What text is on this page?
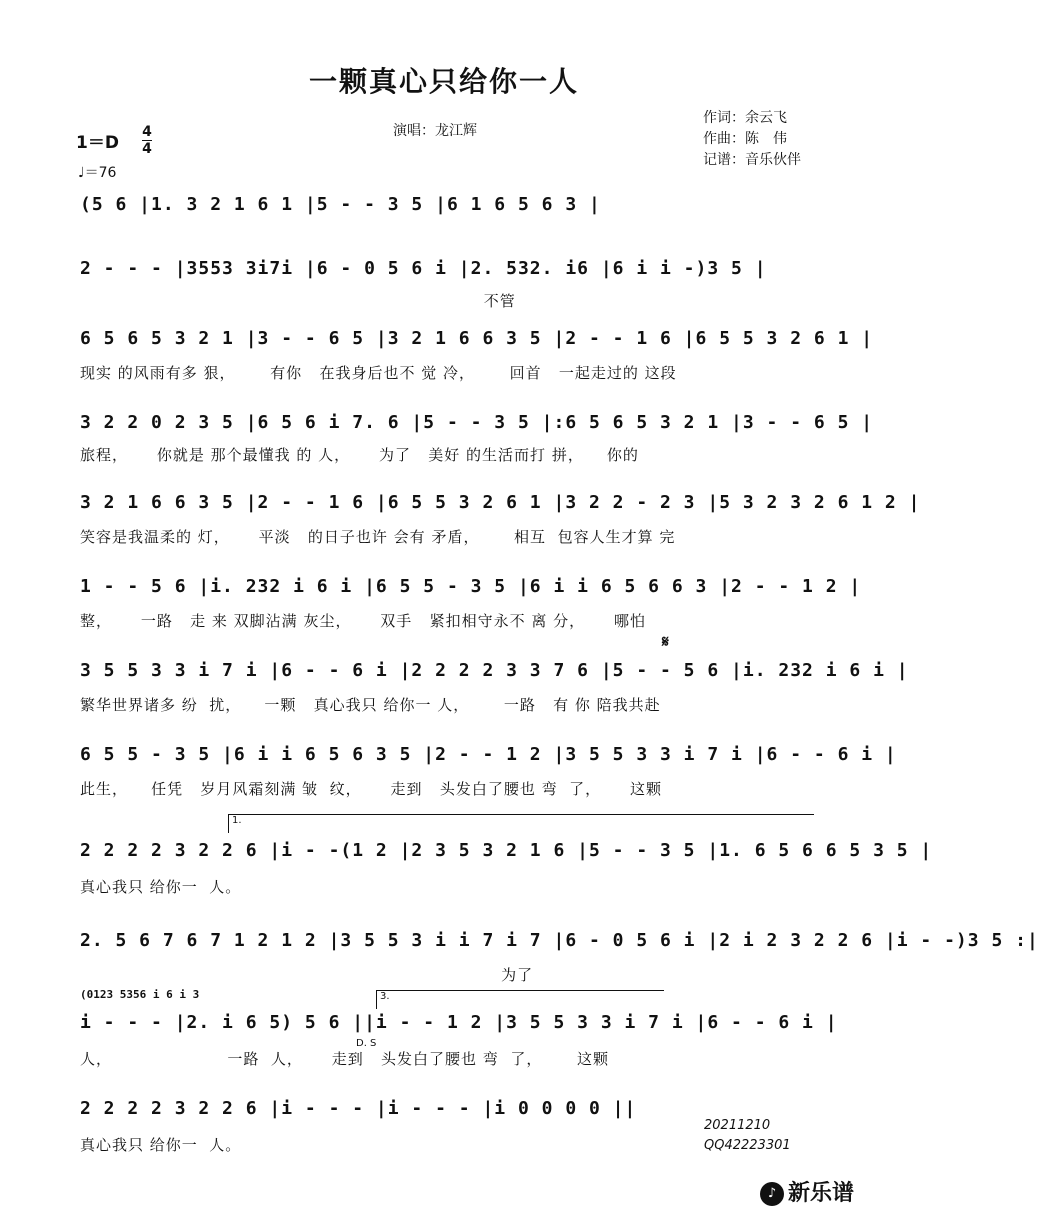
一颗真心只给你一人
1＝D
4
4
♩＝76
演唱：龙江辉
作词：余云飞
作曲：陈　伟
记谱：音乐伙伴
(5 6 |1. 3 2 1 6 1 |5 - - 3 5 |6 1 6 5 6 3 |
2 - - - |3553 3i7i |6 - 0 5 6 i |2. 532. i6 |6 i i -)3 5 |
不管
6 5 6 5 3 2 1 |3 - - 6 5 |3 2 1 6 6 3 5 |2 - - 1 6 |6 5 5 3 2 6 1 |
现实 的风雨有多 狠，      有你   在我身后也不 觉 冷，      回首   一起走过的 这段
3 2 2 0 2 3 5 |6 5 6 i 7. 6 |5 - - 3 5 |:6 5 6 5 3 2 1 |3 - - 6 5 |
旅程，     你就是 那个最懂我 的 人，     为了   美好 的生活而打 拼，    你的
3 2 1 6 6 3 5 |2 - - 1 6 |6 5 5 3 2 6 1 |3 2 2 - 2 3 |5 3 2 3 2 6 1 2 |
笑容是我温柔的 灯，     平淡   的日子也许 会有 矛盾，      相互  包容人生才算 完
1 - - 5 6 |i. 232 i 6 i |6 5 5 - 3 5 |6 i i 6 5 6 6 3 |2 - - 1 2 |
整，     一路   走 来 双脚沾满 灰尘，     双手   紧扣相守永不 离 分，     哪怕
𝄋
3 5 5 3 3 i 7 i |6 - - 6 i |2 2 2 2 3 3 7 6 |5 - - 5 6 |i. 232 i 6 i |
繁华世界诸多 纷  扰，    一颗   真心我只 给你一 人，      一路   有 你 陪我共赴
6 5 5 - 3 5 |6 i i 6 5 6 3 5 |2 - - 1 2 |3 5 5 3 3 i 7 i |6 - - 6 i |
此生，    任凭   岁月风霜刻满 皱  纹，     走到   头发白了腰也 弯  了，     这颗
1.
2 2 2 2 3 2 2 6 |i - -(1 2 |2 3 5 3 2 1 6 |5 - - 3 5 |1. 6 5 6 6 5 3 5 |
真心我只 给你一  人。
2. 5 6 7 6 7 1 2 1 2 |3 5 5 3 i i 7 i 7 |6 - 0 5 6 i |2 i 2 3 2 2 6 |i - -)3 5 :|
为了
(0123 5356 i 6 i 3	3.
i - - - |2. i 6 5) 5 6 ||i - - 1 2 |3 5 5 3 3 i 7 i |6 - - 6 i |
人，                    一路  人，     走到   头发白了腰也 弯  了，      这颗
D. S
2 2 2 2 3 2 2 6 |i - - - |i - - - |i 0 0 0 0 ||
真心我只 给你一  人。
20211210
QQ42223301
♪ 新乐谱
